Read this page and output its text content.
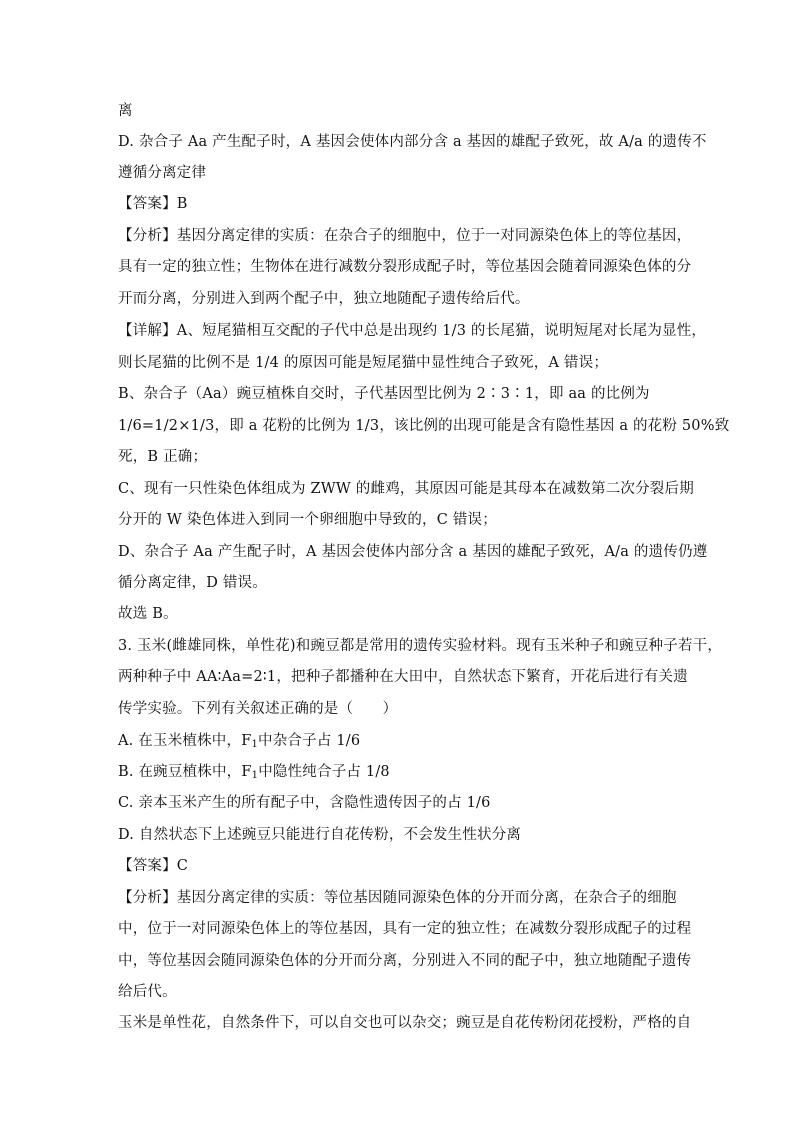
离
D. 杂合子 Aa 产生配子时，A 基因会使体内部分含 a 基因的雄配子致死，故 A/a 的遗传不
遵循分离定律
【答案】B
【分析】基因分离定律的实质：在杂合子的细胞中，位于一对同源染色体上的等位基因，
具有一定的独立性；生物体在进行减数分裂形成配子时，等位基因会随着同源染色体的分
开而分离，分别进入到两个配子中，独立地随配子遗传给后代。
【详解】A、短尾猫相互交配的子代中总是出现约 1/3 的长尾猫，说明短尾对长尾为显性，
则长尾猫的比例不是 1/4 的原因可能是短尾猫中显性纯合子致死，A 错误；
B、杂合子（Aa）豌豆植株自交时，子代基因型比例为 2∶3∶1，即 aa 的比例为
1/6=1/2×1/3，即 a 花粉的比例为 1/3，该比例的出现可能是含有隐性基因 a 的花粉 50%致
死，B 正确；
C、现有一只性染色体组成为 ZWW 的雌鸡，其原因可能是其母本在减数第二次分裂后期
分开的 W 染色体进入到同一个卵细胞中导致的，C 错误；
D、杂合子 Aa 产生配子时，A 基因会使体内部分含 a 基因的雄配子致死，A/a 的遗传仍遵
循分离定律，D 错误。
故选 B。
3. 玉米(雌雄同株，单性花)和豌豆都是常用的遗传实验材料。现有玉米种子和豌豆种子若干，
两种种子中 AA∶Aa=2∶1，把种子都播种在大田中，自然状态下繁育，开花后进行有关遗
传学实验。下列有关叙述正确的是（　　）
A. 在玉米植株中，$F_1$中杂合子占 1/6
B. 在豌豆植株中，$F_1$中隐性纯合子占 1/8
C. 亲本玉米产生的所有配子中，含隐性遗传因子的占 1/6
D. 自然状态下上述豌豆只能进行自花传粉，不会发生性状分离
【答案】C
【分析】基因分离定律的实质：等位基因随同源染色体的分开而分离，在杂合子的细胞
中，位于一对同源染色体上的等位基因，具有一定的独立性；在减数分裂形成配子的过程
中，等位基因会随同源染色体的分开而分离，分别进入不同的配子中，独立地随配子遗传
给后代。
玉米是单性花，自然条件下，可以自交也可以杂交；豌豆是自花传粉闭花授粉，严格的自
